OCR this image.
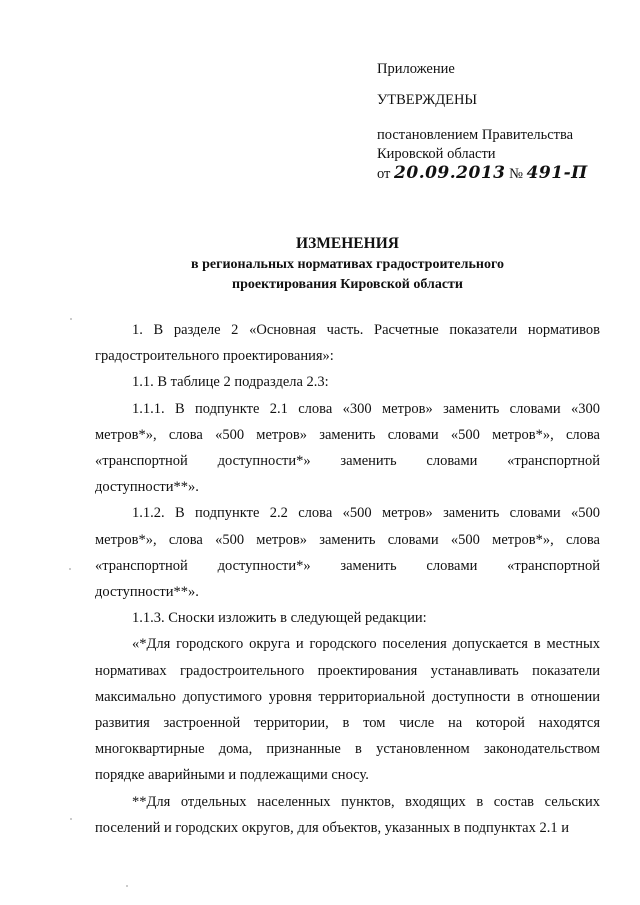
Приложение
УТВЕРЖДЕНЫ
постановлением Правительства
Кировской области
от 20.09.2013 № 491-П
ИЗМЕНЕНИЯ
в региональных нормативах градостроительного
проектирования Кировской области

1. В разделе 2 «Основная часть. Расчетные показатели нормативов градостроительного проектирования»:

1.1. В таблице 2 подраздела 2.3:

1.1.1. В подпункте 2.1 слова «300 метров» заменить словами «300 метров*», слова «500 метров» заменить словами «500 метров*», слова «транспортной доступности*» заменить словами «транспортной доступности**».

1.1.2. В подпункте 2.2 слова «500 метров» заменить словами «500 метров*», слова «500 метров» заменить словами «500 метров*», слова «транспортной доступности*» заменить словами «транспортной доступности**».

1.1.3. Сноски изложить в следующей редакции:

«*Для городского округа и городского поселения допускается в местных нормативах градостроительного проектирования устанавливать показатели максимально допустимого уровня территориальной доступности в отношении развития застроенной территории, в том числе на которой находятся многоквартирные дома, признанные в установленном законодательством порядке аварийными и подлежащими сносу.

**Для отдельных населенных пунктов, входящих в состав сельских поселений и городских округов, для объектов, указанных в подпунктах 2.1 и
